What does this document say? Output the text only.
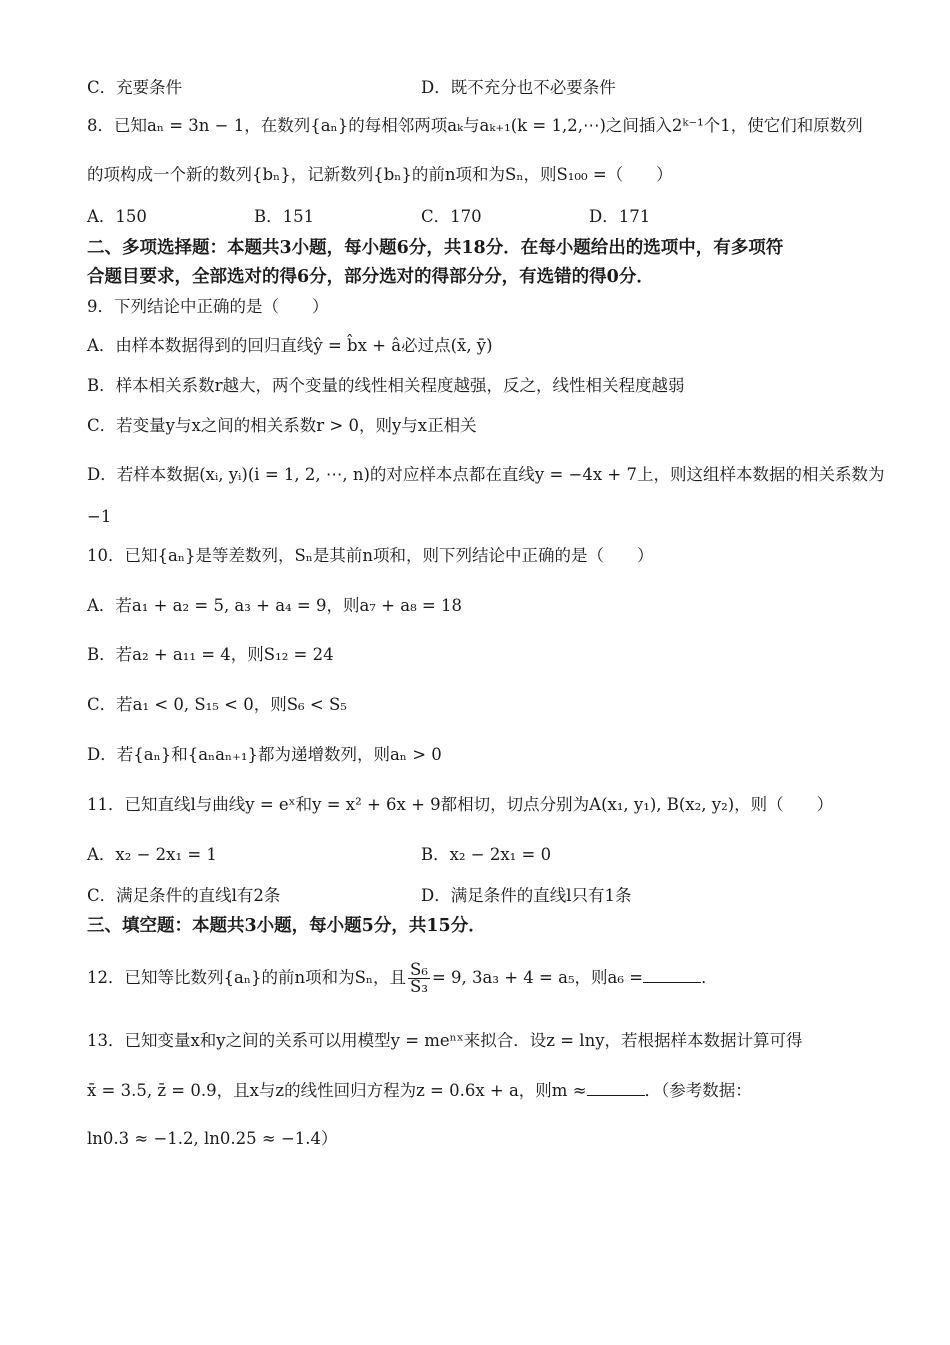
C．充要条件	D．既不充分也不必要条件
8．已知aₙ = 3n − 1，在数列{aₙ}的每相邻两项aₖ与aₖ₊₁(k = 1,2,⋯)之间插入2ᵏ⁻¹个1，使它们和原数列
的项构成一个新的数列{bₙ}，记新数列{bₙ}的前n项和为Sₙ，则S₁₀₀ =（　　）
A．150	B．151	C．170	D．171
二、多项选择题：本题共3小题，每小题6分，共18分．在每小题给出的选项中，有多项符
合题目要求，全部选对的得6分，部分选对的得部分分，有选错的得0分．
9．下列结论中正确的是（　　）
A．由样本数据得到的回归直线ŷ = b̂x + â必过点(x̄, ȳ)
B．样本相关系数r越大，两个变量的线性相关程度越强，反之，线性相关程度越弱
C．若变量y与x之间的相关系数r > 0，则y与x正相关
D．若样本数据(xᵢ, yᵢ)(i = 1, 2, ⋯, n)的对应样本点都在直线y = −4x + 7上，则这组样本数据的相关系数为
−1
10．已知{aₙ}是等差数列，Sₙ是其前n项和，则下列结论中正确的是（　　）
A．若a₁ + a₂ = 5, a₃ + a₄ = 9，则a₇ + a₈ = 18
B．若a₂ + a₁₁ = 4，则S₁₂ = 24
C．若a₁ < 0, S₁₅ < 0，则S₆ < S₅
D．若{aₙ}和{aₙaₙ₊₁}都为递增数列，则aₙ > 0
11．已知直线l与曲线y = eˣ和y = x² + 6x + 9都相切，切点分别为A(x₁, y₁), B(x₂, y₂)，则（　　）
A．x₂ − 2x₁ = 1	B．x₂ − 2x₁ = 0
C．满足条件的直线l有2条	D．满足条件的直线l只有1条
三、填空题：本题共3小题，每小题5分，共15分．
12．已知等比数列{aₙ}的前n项和为Sₙ，且 $\frac{\text{S₆}}{\text{S₃}} = 9$, 3a₃ + 4 = a₅，则a₆ =	．
13．已知变量x和y之间的关系可以用模型y = meⁿˣ来拟合．设z = lny，若根据样本数据计算可得
x̄ = 3.5, z̄ = 0.9，且x与z的线性回归方程为z = 0.6x + a，则m ≈	．（参考数据：
ln0.3 ≈ −1.2, ln0.25 ≈ −1.4）
